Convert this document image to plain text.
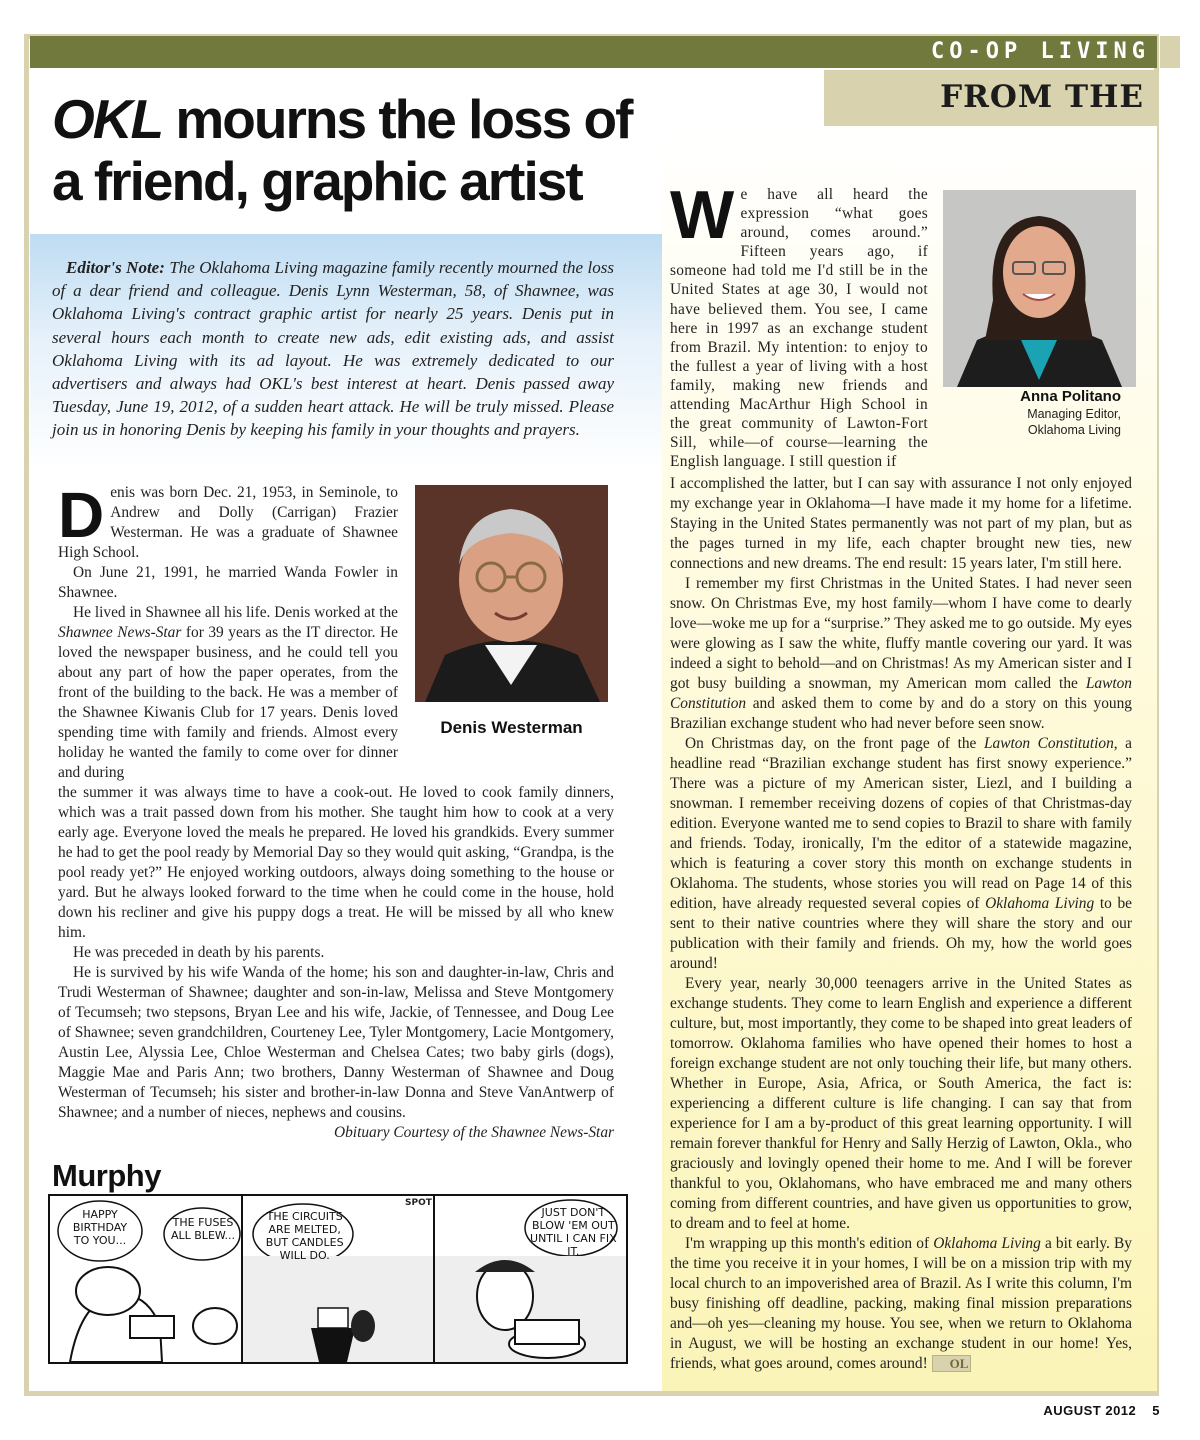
CO-OP LIVING
FROM THE
OKL mourns the loss of a friend, graphic artist

Editor's Note: The Oklahoma Living magazine family recently mourned the loss of a dear friend and colleague. Denis Lynn Westerman, 58, of Shawnee, was Oklahoma Living's contract graphic artist for nearly 25 years. Denis put in several hours each month to create new ads, edit existing ads, and assist Oklahoma Living with its ad layout. He was extremely dedicated to our advertisers and always had OKL's best interest at heart. Denis passed away Tuesday, June 19, 2012, of a sudden heart attack. He will be truly missed. Please join us in honoring Denis by keeping his family in your thoughts and prayers.

Denis Westerman

Denis was born Dec. 21, 1953, in Seminole, to Andrew and Dolly (Carrigan) Frazier Westerman. He was a graduate of Shawnee High School.

On June 21, 1991, he married Wanda Fowler in Shawnee.

He lived in Shawnee all his life. Denis worked at the Shawnee News-Star for 39 years as the IT director. He loved the newspaper business, and he could tell you about any part of how the paper operates, from the front of the building to the back. He was a member of the Shawnee Kiwanis Club for 17 years. Denis loved spending time with family and friends. Almost every holiday he wanted the family to come over for dinner and during

the summer it was always time to have a cook-out. He loved to cook family dinners, which was a trait passed down from his mother. She taught him how to cook at a very early age. Everyone loved the meals he prepared. He loved his grandkids. Every summer he had to get the pool ready by Memorial Day so they would quit asking, “Grandpa, is the pool ready yet?” He enjoyed working outdoors, always doing something to the house or yard. But he always looked forward to the time when he could come in the house, hold down his recliner and give his puppy dogs a treat. He will be missed by all who knew him.

He was preceded in death by his parents.

He is survived by his wife Wanda of the home; his son and daughter-in-law, Chris and Trudi Westerman of Shawnee; daughter and son-in-law, Melissa and Steve Montgomery of Tecumseh; two stepsons, Bryan Lee and his wife, Jackie, of Tennessee, and Doug Lee of Shawnee; seven grandchildren, Courteney Lee, Tyler Montgomery, Lacie Montgomery, Austin Lee, Alyssia Lee, Chloe Westerman and Chelsea Cates; two baby girls (dogs), Maggie Mae and Paris Ann; two brothers, Danny Westerman of Shawnee and Doug Westerman of Tecumseh; his sister and brother-in-law Donna and Steve VanAntwerp of Shawnee; and a number of nieces, nephews and cousins.
Obituary Courtesy of the Shawnee News-Star

Anna Politano
Managing Editor,
Oklahoma Living
We have all heard the expression “what goes around, comes around.” Fifteen years ago, if someone had told me I'd still be in the United States at age 30, I would not have believed them. You see, I came here in 1997 as an exchange student from Brazil. My intention: to enjoy to the fullest a year of living with a host family, making new friends and attending MacArthur High School in the great community of Lawton-Fort Sill, while—of course—learning the English language. I still question if

I accomplished the latter, but I can say with assurance I not only enjoyed my exchange year in Oklahoma—I have made it my home for a lifetime. Staying in the United States permanently was not part of my plan, but as the pages turned in my life, each chapter brought new ties, new connections and new dreams. The end result: 15 years later, I'm still here.

I remember my first Christmas in the United States. I had never seen snow. On Christmas Eve, my host family—whom I have come to dearly love—woke me up for a “surprise.” They asked me to go outside. My eyes were glowing as I saw the white, fluffy mantle covering our yard. It was indeed a sight to behold—and on Christmas! As my American sister and I got busy building a snowman, my American mom called the Lawton Constitution and asked them to come by and do a story on this young Brazilian exchange student who had never before seen snow.

On Christmas day, on the front page of the Lawton Constitution, a headline read “Brazilian exchange student has first snowy experience.” There was a picture of my American sister, Liezl, and I building a snowman. I remember receiving dozens of copies of that Christmas-day edition. Everyone wanted me to send copies to Brazil to share with family and friends. Today, ironically, I'm the editor of a statewide magazine, which is featuring a cover story this month on exchange students in Oklahoma. The students, whose stories you will read on Page 14 of this edition, have already requested several copies of Oklahoma Living to be sent to their native countries where they will share the story and our publication with their family and friends. Oh my, how the world goes around!

Every year, nearly 30,000 teenagers arrive in the United States as exchange students. They come to learn English and experience a different culture, but, most importantly, they come to be shaped into great leaders of tomorrow. Oklahoma families who have opened their homes to host a foreign exchange student are not only touching their life, but many others. Whether in Europe, Asia, Africa, or South America, the fact is: experiencing a different culture is life changing. I can say that from experience for I am a by-product of this great learning opportunity. I will remain forever thankful for Henry and Sally Herzig of Lawton, Okla., who graciously and lovingly opened their home to me. And I will be forever thankful to you, Oklahomans, who have embraced me and many others coming from different countries, and have given us opportunities to grow, to dream and to feel at home.

I'm wrapping up this month's edition of Oklahoma Living a bit early. By the time you receive it in your homes, I will be on a mission trip with my local church to an impoverished area of Brazil. As I write this column, I'm busy finishing off deadline, packing, making final mission preparations and—oh yes—cleaning my house. You see, when we return to Oklahoma in August, we will be hosting an exchange student in our home! Yes, friends, what goes around, comes around! OL

Murphy
HAPPY BIRTHDAY TO YOU...
THE FUSES ALL BLEW...
THE CIRCUITS ARE MELTED, BUT CANDLES WILL DO.
JUST DON'T BLOW 'EM OUT UNTIL I CAN FIX IT.
SPOT
AUGUST 2012 5
